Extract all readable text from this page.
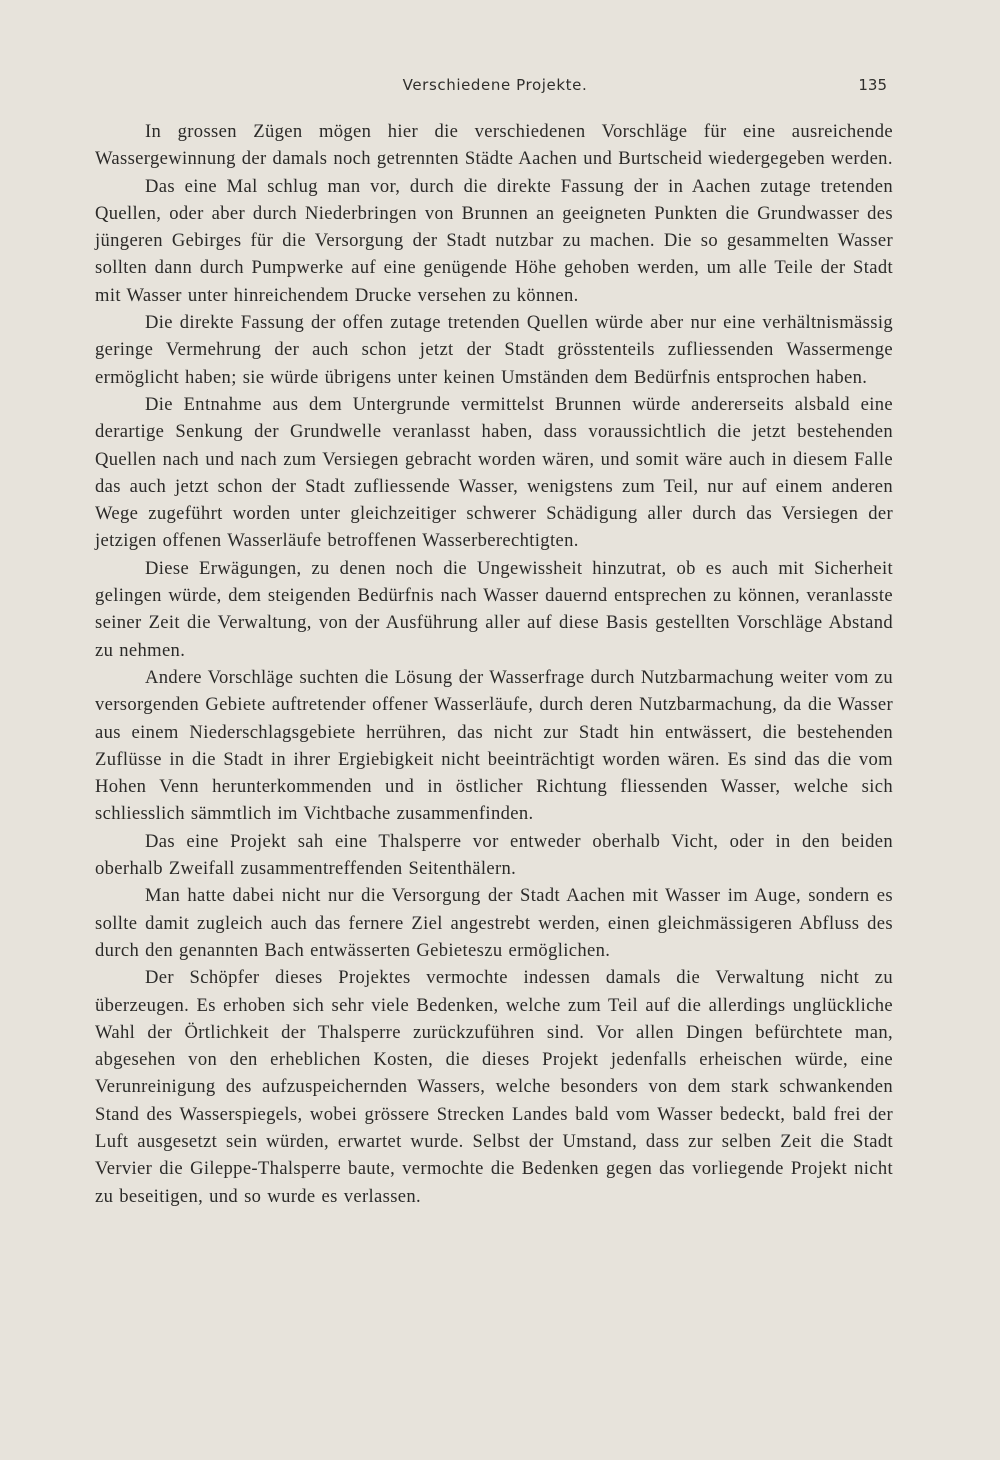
Verschiedene Projekte.	135

In grossen Zügen mögen hier die verschiedenen Vorschläge für eine ausreichende Wassergewinnung der damals noch getrennten Städte Aachen und Burtscheid wiedergegeben werden.

Das eine Mal schlug man vor, durch die direkte Fassung der in Aachen zutage tretenden Quellen, oder aber durch Niederbringen von Brunnen an geeigneten Punkten die Grundwasser des jüngeren Gebirges für die Versorgung der Stadt nutzbar zu machen. Die so gesammelten Wasser sollten dann durch Pumpwerke auf eine genügende Höhe gehoben werden, um alle Teile der Stadt mit Wasser unter hinreichendem Drucke versehen zu können.

Die direkte Fassung der offen zutage tretenden Quellen würde aber nur eine verhältnismässig geringe Vermehrung der auch schon jetzt der Stadt grösstenteils zufliessenden Wassermenge ermöglicht haben; sie würde übrigens unter keinen Umständen dem Bedürfnis entsprochen haben.

Die Entnahme aus dem Untergrunde vermittelst Brunnen würde andererseits alsbald eine derartige Senkung der Grundwelle veranlasst haben, dass voraussichtlich die jetzt bestehenden Quellen nach und nach zum Versiegen gebracht worden wären, und somit wäre auch in diesem Falle das auch jetzt schon der Stadt zufliessende Wasser, wenigstens zum Teil, nur auf einem anderen Wege zugeführt worden unter gleichzeitiger schwerer Schädigung aller durch das Versiegen der jetzigen offenen Wasserläufe betroffenen Wasserberechtigten.

Diese Erwägungen, zu denen noch die Ungewissheit hinzutrat, ob es auch mit Sicherheit gelingen würde, dem steigenden Bedürfnis nach Wasser dauernd entsprechen zu können, veranlasste seiner Zeit die Verwaltung, von der Ausführung aller auf diese Basis gestellten Vorschläge Abstand zu nehmen.

Andere Vorschläge suchten die Lösung der Wasserfrage durch Nutzbarmachung weiter vom zu versorgenden Gebiete auftretender offener Wasserläufe, durch deren Nutzbarmachung, da die Wasser aus einem Niederschlagsgebiete herrühren, das nicht zur Stadt hin entwässert, die bestehenden Zuflüsse in die Stadt in ihrer Ergiebigkeit nicht beeinträchtigt worden wären. Es sind das die vom Hohen Venn herunterkommenden und in östlicher Richtung fliessenden Wasser, welche sich schliesslich sämmtlich im Vichtbache zusammenfinden.

Das eine Projekt sah eine Thalsperre vor entweder oberhalb Vicht, oder in den beiden oberhalb Zweifall zusammentreffenden Seitenthälern.

Man hatte dabei nicht nur die Versorgung der Stadt Aachen mit Wasser im Auge, sondern es sollte damit zugleich auch das fernere Ziel angestrebt werden, einen gleichmässigeren Abfluss des durch den genannten Bach entwässerten Gebieteszu ermöglichen.

Der Schöpfer dieses Projektes vermochte indessen damals die Verwaltung nicht zu überzeugen. Es erhoben sich sehr viele Bedenken, welche zum Teil auf die allerdings unglückliche Wahl der Örtlichkeit der Thalsperre zurückzuführen sind. Vor allen Dingen befürchtete man, abgesehen von den erheblichen Kosten, die dieses Projekt jedenfalls erheischen würde, eine Verunreinigung des aufzuspeichernden Wassers, welche besonders von dem stark schwankenden Stand des Wasserspiegels, wobei grössere Strecken Landes bald vom Wasser bedeckt, bald frei der Luft ausgesetzt sein würden, erwartet wurde. Selbst der Umstand, dass zur selben Zeit die Stadt Vervier die Gileppe-Thalsperre baute, vermochte die Bedenken gegen das vorliegende Projekt nicht zu beseitigen, und so wurde es verlassen.
